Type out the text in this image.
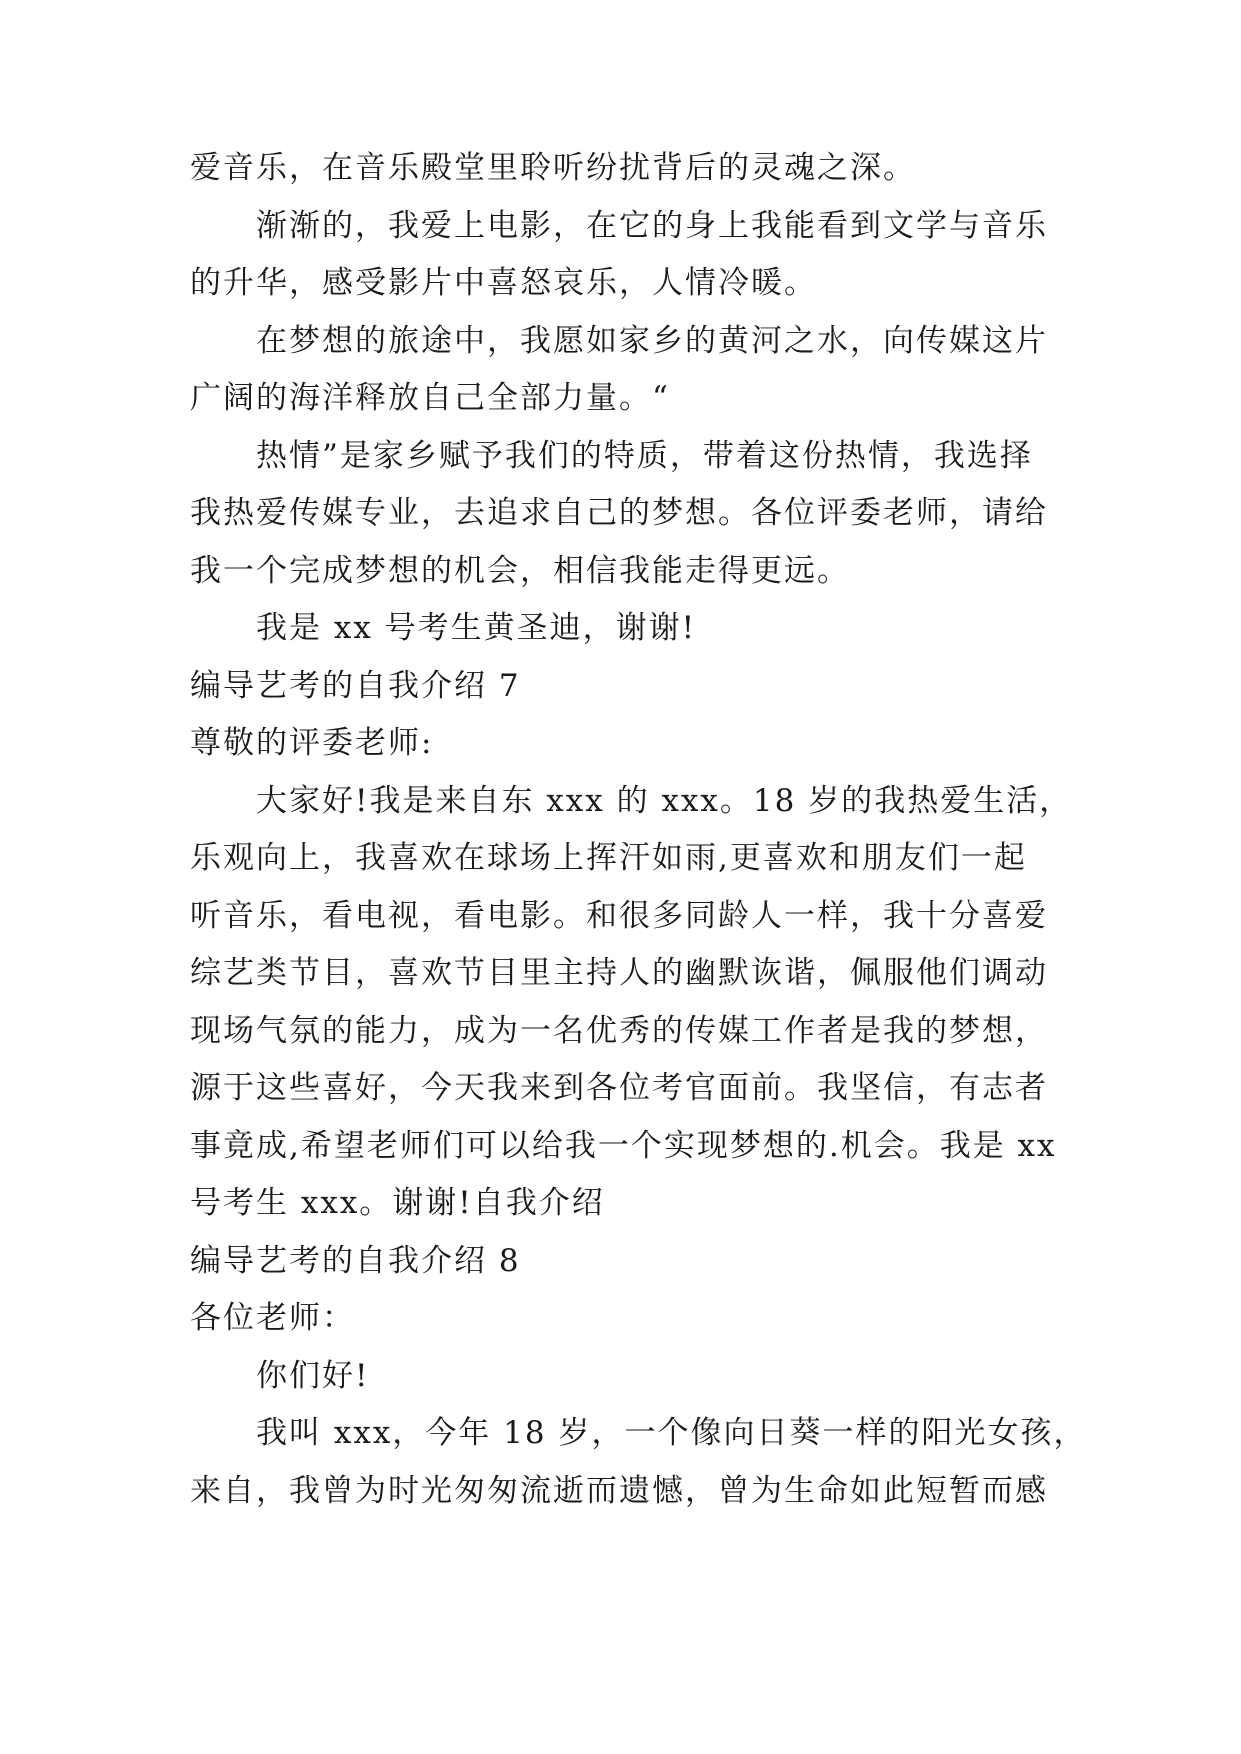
爱音乐，在音乐殿堂里聆听纷扰背后的灵魂之深。
渐渐的，我爱上电影，在它的身上我能看到文学与音乐
的升华，感受影片中喜怒哀乐，人情冷暖。
在梦想的旅途中，我愿如家乡的黄河之水，向传媒这片
广阔的海洋释放自己全部力量。“
热情”是家乡赋予我们的特质，带着这份热情，我选择
我热爱传媒专业，去追求自己的梦想。各位评委老师，请给
我一个完成梦想的机会，相信我能走得更远。
我是 xx 号考生黄圣迪，谢谢!
编导艺考的自我介绍 7
尊敬的评委老师:
大家好!我是来自东 xxx 的 xxx。18 岁的我热爱生活，
乐观向上，我喜欢在球场上挥汗如雨,更喜欢和朋友们一起
听音乐，看电视，看电影。和很多同龄人一样，我十分喜爱
综艺类节目，喜欢节目里主持人的幽默诙谐，佩服他们调动
现场气氛的能力，成为一名优秀的传媒工作者是我的梦想，
源于这些喜好，今天我来到各位考官面前。我坚信，有志者
事竟成,希望老师们可以给我一个实现梦想的.机会。我是 xx
号考生 xxx。谢谢!自我介绍
编导艺考的自我介绍 8
各位老师：
你们好!
我叫 xxx，今年 18 岁，一个像向日葵一样的阳光女孩，
来自，我曾为时光匆匆流逝而遗憾，曾为生命如此短暂而感
